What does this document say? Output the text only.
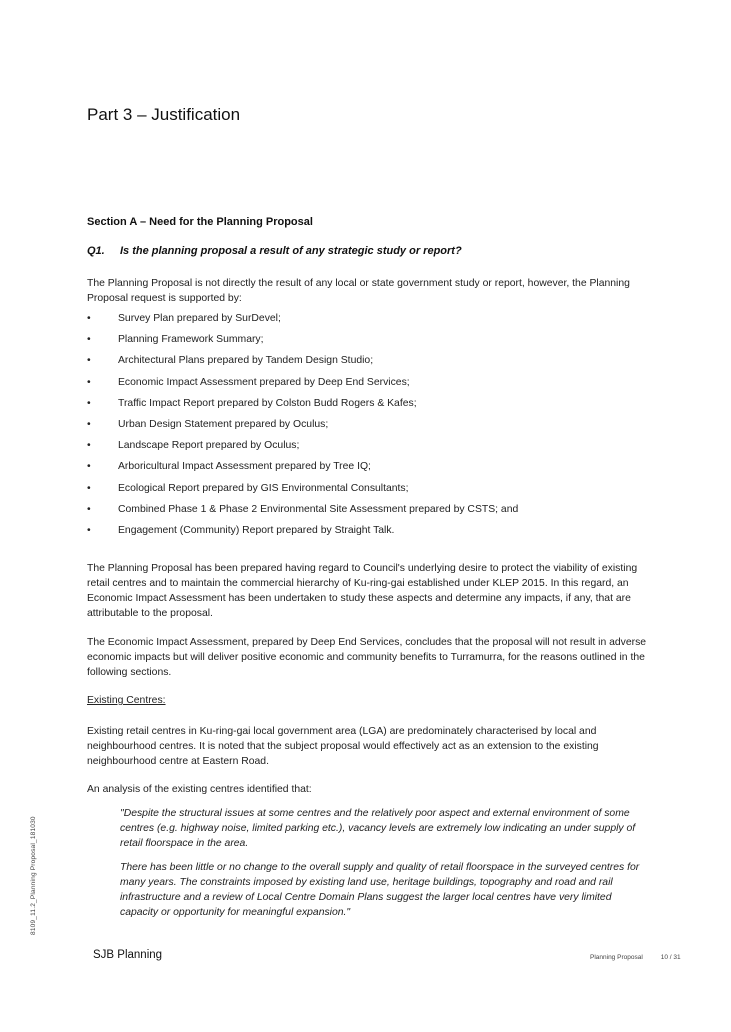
Part 3 – Justification
Section A – Need for the Planning Proposal
Q1. Is the planning proposal a result of any strategic study or report?
The Planning Proposal is not directly the result of any local or state government study or report, however, the Planning Proposal request is supported by:
•	Survey Plan prepared by SurDevel;
•	Planning Framework Summary;
•	Architectural Plans prepared by Tandem Design Studio;
•	Economic Impact Assessment prepared by Deep End Services;
•	Traffic Impact Report prepared by Colston Budd Rogers & Kafes;
•	Urban Design Statement prepared by Oculus;
•	Landscape Report prepared by Oculus;
•	Arboricultural Impact Assessment prepared by Tree IQ;
•	Ecological Report prepared by GIS Environmental Consultants;
•	Combined Phase 1 & Phase 2 Environmental Site Assessment prepared by CSTS; and
•	Engagement (Community) Report prepared by Straight Talk.
The Planning Proposal has been prepared having regard to Council's underlying desire to protect the viability of existing retail centres and to maintain the commercial hierarchy of Ku-ring-gai established under KLEP 2015. In this regard, an Economic Impact Assessment has been undertaken to study these aspects and determine any impacts, if any, that are attributable to the proposal.
The Economic Impact Assessment, prepared by Deep End Services, concludes that the proposal will not result in adverse economic impacts but will deliver positive economic and community benefits to Turramurra, for the reasons outlined in the following sections.
Existing Centres:
Existing retail centres in Ku-ring-gai local government area (LGA) are predominately characterised by local and neighbourhood centres. It is noted that the subject proposal would effectively act as an extension to the existing neighbourhood centre at Eastern Road.
An analysis of the existing centres identified that:
"Despite the structural issues at some centres and the relatively poor aspect and external environment of some centres (e.g. highway noise, limited parking etc.), vacancy levels are extremely low indicating an under supply of retail floorspace in the area.
There has been little or no change to the overall supply and quality of retail floorspace in the surveyed centres for many years. The constraints imposed by existing land use, heritage buildings, topography and road and rail infrastructure and a review of Local Centre Domain Plans suggest the larger local centres have very limited capacity or opportunity for meaningful expansion."
8109_11.2_Planning Proposal_181030
SJB Planning	Planning Proposal	10 / 31
